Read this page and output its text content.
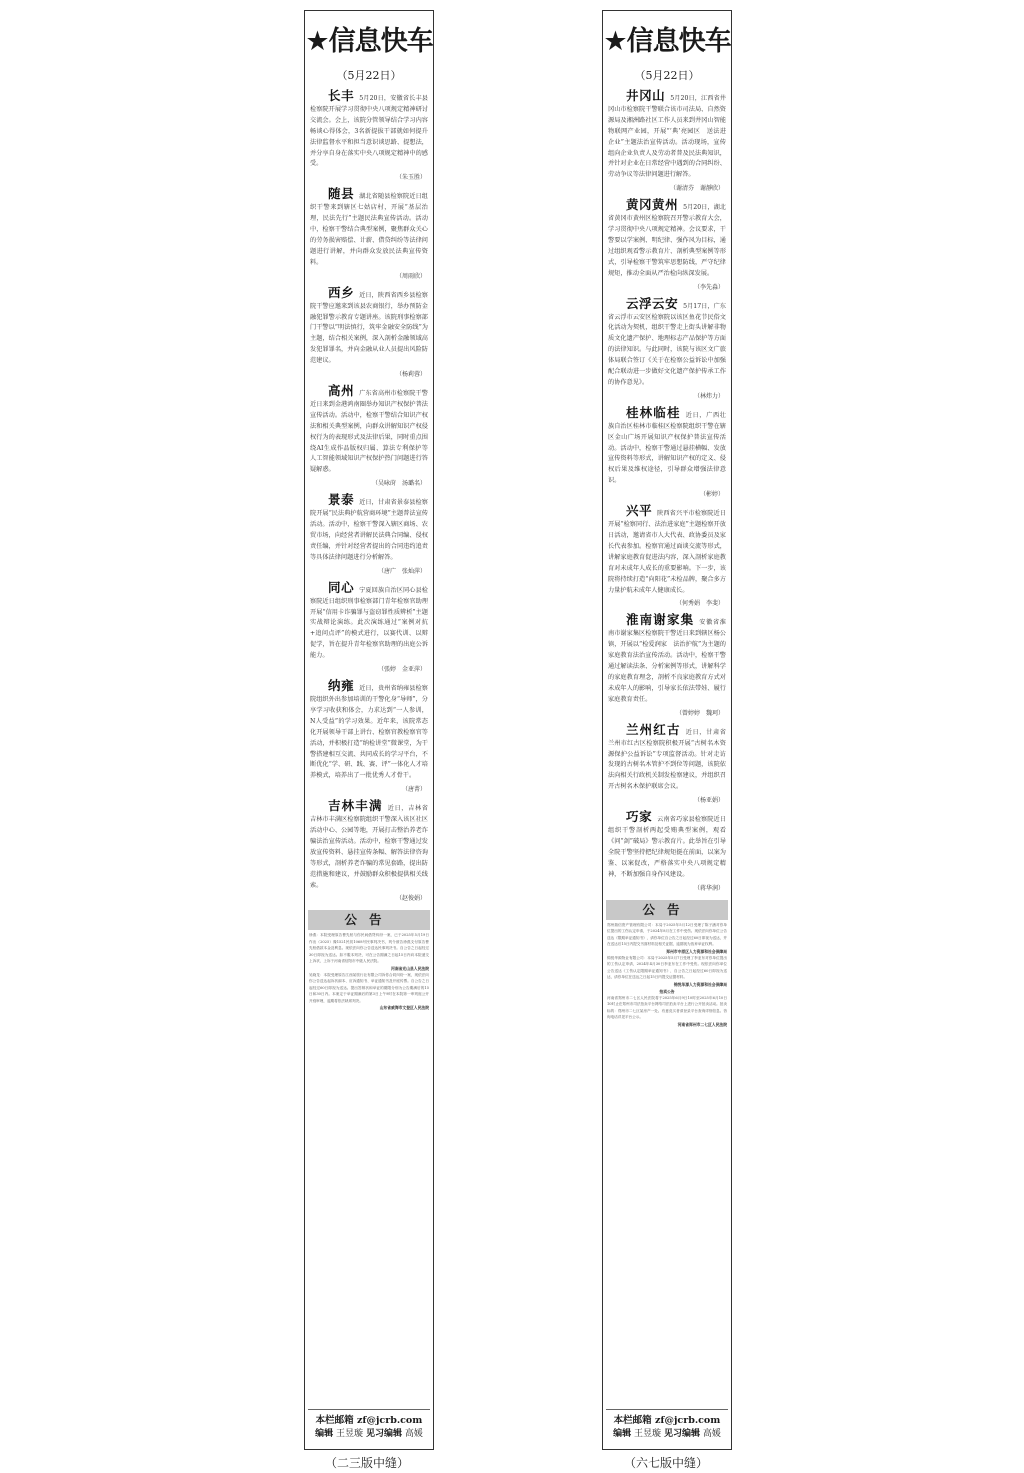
★信息快车
（5月22日）

长丰 5月20日，安徽省长丰县检察院开展学习贯彻中央八项规定精神研讨交流会。会上，该院分管领导结合学习内容畅谈心得体会，3名新提拔干部就如何提升法律监督水平和担当意识谈思路、提想法，并分享自身在落实中央八项规定精神中的感受。

（朱玉胜）

随县 湖北省随县检察院近日组织干警来到辖区七姑店村，开展“基层治理，民法先行”主题民法典宣传活动。活动中，检察干警结合典型案例，聚焦群众关心的劳务损害赔偿、计薪、借贷纠纷等法律问题进行讲解，并向群众发放民法典宣传资料。

（周雨欣）

西乡 近日，陕西省西乡县检察院干警应邀来到该县农商银行，举办预防金融犯罪警示教育专题讲座。该院刑事检察部门干警以“明法慎行，筑牢金融安全防线”为主题，结合相关案例，深入剖析金融领域高发犯罪罪名，并向金融从业人员提出风险防范建议。

（杨莉蓉）

高州 广东省高州市检察院干警近日来到金港鸿南圈举办知识产权保护普法宣传活动。活动中，检察干警结合知识产权法和相关典型案例，向群众讲解知识产权侵权行为的表现形式及法律后果，同时重点围绕AI生成作品版权归属、算法专利保护等人工智能领域知识产权保护热门问题进行答疑解惑。

（吴咏莳　汤璐名）

景泰 近日，甘肃省景泰县检察院开展“民法典护航营商环境”主题普法宣传活动。活动中，检察干警深入辖区商场、农贸市场，向经营者讲解民法典合同编、侵权责任编，并针对经营者提出的合同违约追责等具体法律问题进行分析解答。

（唐广　张灿萍）

同心 宁夏回族自治区同心县检察院近日组织刑事检察部门青年检察官助理开展“信用卡诈骗罪与盗窃罪性质辨析”主题实战辩论演练。此次演练通过“案例对抗+追问点评”的模式进行，以赛代训、以辩促学，旨在提升青年检察官助理的出庭公诉能力。

（張婷　金亚萍）

纳雍 近日，贵州省纳雍县检察院组织外出参加培训的干警化身“导师”，分享学习收获和体会，力求达到“一人参训，N人受益”的学习效果。近年来，该院常态化开展领导干部上讲台、检察官教检察官等活动，并积极打造“纳检讲堂”微课堂，为干警搭建相互交流、共同成长的学习平台，不断优化“学、研、践、赛、评”一体化人才培养模式，培养出了一批优秀人才骨干。

（唐菁）

吉林丰满 近日，吉林省吉林市丰满区检察院组织干警深入该区社区活动中心、公园等地，开展打击整治养老诈骗法治宣传活动。活动中，检察干警通过发放宣传资料、悬挂宣传条幅、解答法律咨询等形式，剖析养老诈骗的常见套路，提出防范措施和建议，并鼓励群众积极提供相关线索。

（赵俊娟）
公告

徐燕：本院受理原告曹先柏与你民间借贷纠纷一案，已于2025年5月19日作出（2025）豫1521民初1068号民事判决书，判令被告徐燕支付原告曹先柏借款本金及利息。现依法向你公告送达民事判决书。自公告之日起经过30日即视为送达。如不服本判决，可在公告期满之日起15日内向本院递交上诉状，上诉于河南省信阳市中级人民法院。

河南省光山县人民法院

吴晓龙：本院受理原告江西某旅行社有限公司诉你合同纠纷一案，现依法向你公告送达起诉状副本、应诉通知书、举证通知书及开庭传票。自公告之日起经过60日即视为送达。提出答辩状和举证的期限分别为公告期满后的15日和30日内。本案定于举证期满后的第3日上午9时在本院第一审判庭公开开庭审理，逾期将依法缺席判决。

山东省威海市文登区人民法院

本栏邮箱 zf@jcrb.com
编辑 王昱璇 见习编辑 高媛
（二三版中缝）
★信息快车
（5月22日）

井冈山 5月20日，江西省井冈山市检察院干警联合该市司法局、自然资源局及湘洲路社区工作人员来到井冈山智能物联网产业园，开展“‘典’亮园区　送法进企业”主题法治宣传活动。活动现场，宣传组向企业负责人及劳动者普及民法典知识，并针对企业在日常经营中遇到的合同纠纷、劳动争议等法律问题进行解答。

（谢清芬　谢靜欣）

黄冈黄州 5月20日，湖北省黄冈市黄州区检察院召开警示教育大会，学习贯彻中央八项规定精神。会议要求，干警要以学案例、明纪律、强作风为目标，通过组织观看警示教育片、剖析典型案例等形式，引导检察干警筑牢思想防线，严守纪律规矩，推动全面从严治检向纵深发展。

（李先淼）

云浮云安 5月17日，广东省云浮市云安区检察院以该区鱼花节民俗文化活动为契机，组织干警走上街头讲解非物质文化遗产保护、地理标志产品保护等方面的法律知识。与此同时，该院与该区文广旅体局联合签订《关于在检察公益诉讼中加强配合联动进一步做好文化遗产保护传承工作的协作意见》。

（林炜力）

桂林临桂 近日，广西壮族自治区桂林市临桂区检察院组织干警在辖区金山广场开展知识产权保护普法宣传活动。活动中，检察干警通过悬挂横幅、发放宣传资料等形式，讲解知识产权的定义、侵权后果及维权途径，引导群众增强法律意识。

（彬婷）

兴平 陕西省兴平市检察院近日开展“检察同行、法治进家庭”主题检察开放日活动，邀请省市人大代表、政协委员及家长代表参加。检察官通过面谈交流等形式，讲解家庭教育促进法内容，深入剖析家庭教育对未成年人成长的重要影响。下一步，该院将持续打造“向阳花”未检品牌，聚合多方力量护航未成年人健康成长。

（何秀娟　李斐）

淮南谢家集 安徽省淮南市谢家集区检察院干警近日来到辖区杨公镇，开展以“检爱润家　法治护航”为主题的家庭教育法治宣传活动。活动中，检察干警通过解读法条、分析案例等形式，讲解科学的家庭教育理念，剖析不良家庭教育方式对未成年人的影响，引导家长依法带娃、履行家庭教育责任。

（曾婷婷　魏珂）

兰州红古 近日，甘肃省兰州市红古区检察院积极开展“古树名木资源保护公益诉讼”专项监督活动。针对走访发现的古树名木管护不到位等问题，该院依法向相关行政机关制发检察建议，并组织召开古树名木保护联席会议。

（杨亚娟）

巧家 云南省巧家县检察院近日组织干警剖析两起受贿典型案例，观看《问“剑”破局》警示教育片。此举旨在引导全院干警坚持把纪律规矩挺在前面，以案为鉴、以案促改，严格落实中央八项规定精神，不断加强自身作风建设。

（蒋华润）
公告

郑州瑞信资产管理有限公司：本局于2025年5月12日受理了陈子涵对你单位提出的工伤认定申请，于2024年8月在工作中受伤。现依法向你单位公告送达《限期举证通知书》，请你单位自公告之日起经过60日即视为送达，并在送达后15日内提交书面材料及相关证据，逾期视为放弃举证权利。

郑州市中原区人力资源和社会保障局

锦悦华源物业有限公司：本局于2025年5月7日受理了李亚东对你单位提出的工伤认定申请，2024年4月30日李亚东在工作中受伤。现依法向你单位公告送达《工伤认定限期举证通知书》，自公告之日起经过60日即视为送达，请你单位在送达之日起15日内提交证据材料。

锦悦华源人力资源和社会保障局

拍卖公告

河南省郑州市二七区人民法院将于2025年6月9日10时至2025年6月10日10时止在郑州市司法拍卖平台网络司法拍卖平台上进行公开拍卖活动。拍卖标的：郑州市二七区某房产一处。有意竞买者请登录平台查询详细信息。咨询电话详见平台公示。

河南省郑州市二七区人民法院

本栏邮箱 zf@jcrb.com
编辑 王昱璇 见习编辑 高媛
（六七版中缝）
